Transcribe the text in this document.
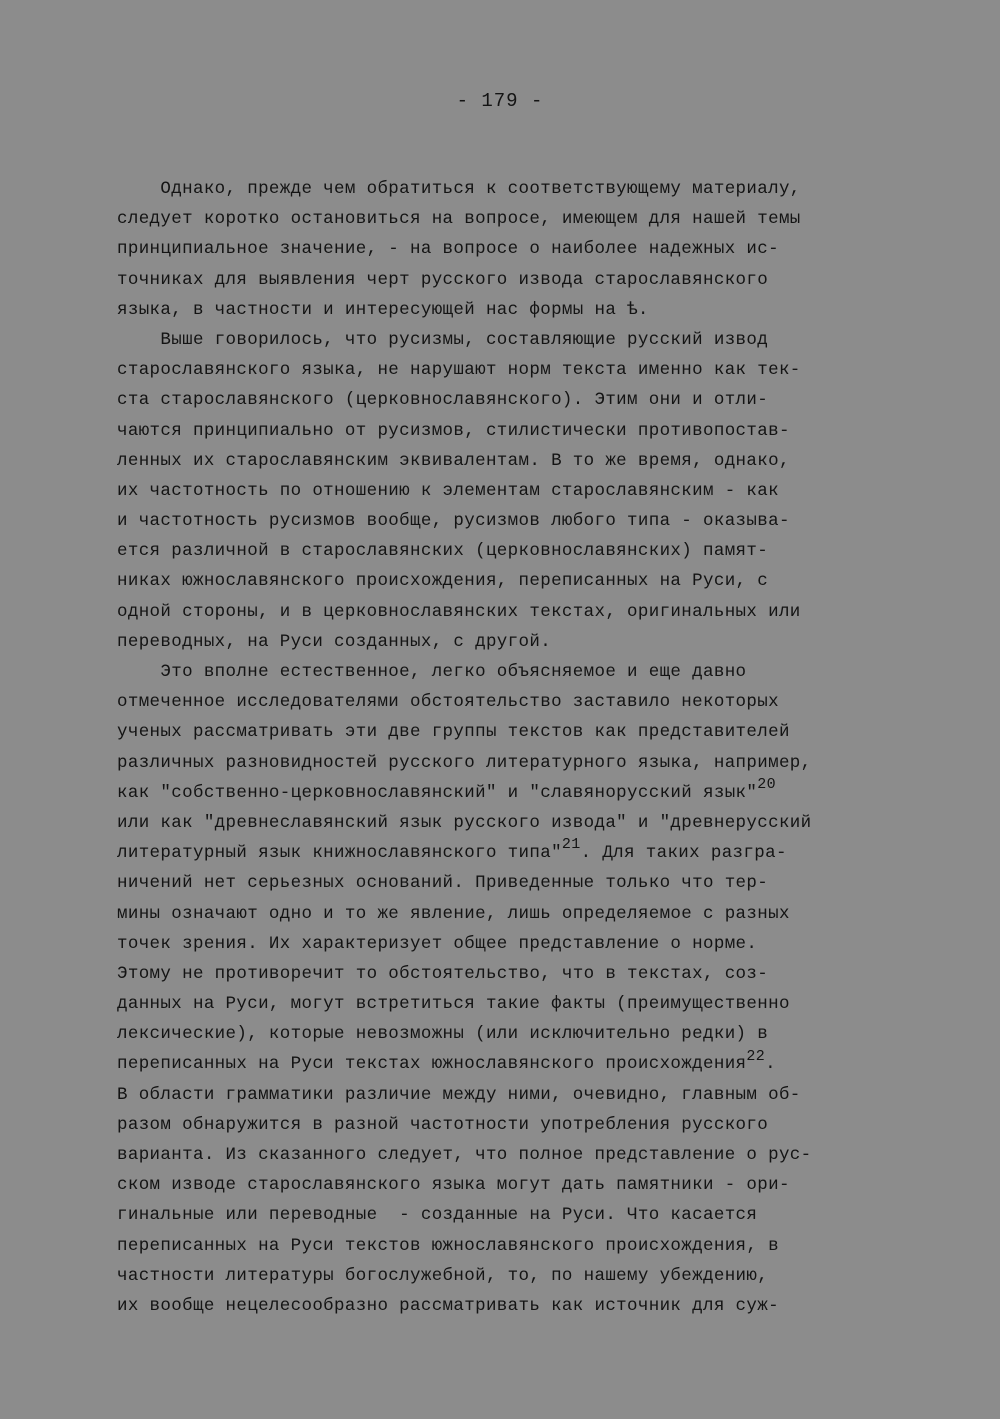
- 179 -
Однако, прежде чем обратиться к соответствующему материалу,
следует коротко остановиться на вопросе, имеющем для нашей темы
принципиальное значение, - на вопросе о наиболее надежных ис-
точниках для выявления черт русского извода старославянского
языка, в частности и интересующей нас формы на ѣ.
Выше говорилось, что русизмы, составляющие русский извод
старославянского языка, не нарушают норм текста именно как тек-
ста старославянского (церковнославянского). Этим они и отли-
чаются принципиально от русизмов, стилистически противопостав-
ленных их старославянским эквивалентам. В то же время, однако,
их частотность по отношению к элементам старославянским - как
и частотность русизмов вообще, русизмов любого типа - оказыва-
ется различной в старославянских (церковнославянских) памят-
никах южнославянского происхождения, переписанных на Руси, с
одной стороны, и в церковнославянских текстах, оригинальных или
переводных, на Руси созданных, с другой.
Это вполне естественное, легко объясняемое и еще давно
отмеченное исследователями обстоятельство заставило некоторых
ученых рассматривать эти две группы текстов как представителей
различных разновидностей русского литературного языка, например,
как "собственно-церковнославянский" и "славянорусский язык"$^{20}$
или как "древнеславянский язык русского извода" и "древнерусский
литературный язык книжнославянского типа"$^{21}$. Для таких разгра-
ничений нет серьезных оснований. Приведенные только что тер-
мины означают одно и то же явление, лишь определяемое с разных
точек зрения. Их характеризует общее представление о норме.
Этому не противоречит то обстоятельство, что в текстах, соз-
данных на Руси, могут встретиться такие факты (преимущественно
лексические), которые невозможны (или исключительно редки) в
переписанных на Руси текстах южнославянского происхождения$^{22}$.
В области грамматики различие между ними, очевидно, главным об-
разом обнаружится в разной частотности употребления русского
варианта. Из сказанного следует, что полное представление о рус-
ском изводе старославянского языка могут дать памятники - ори-
гинальные или переводные  - созданные на Руси. Что касается
переписанных на Руси текстов южнославянского происхождения, в
частности литературы богослужебной, то, по нашему убеждению,
их вообще нецелесообразно рассматривать как источник для суж-
